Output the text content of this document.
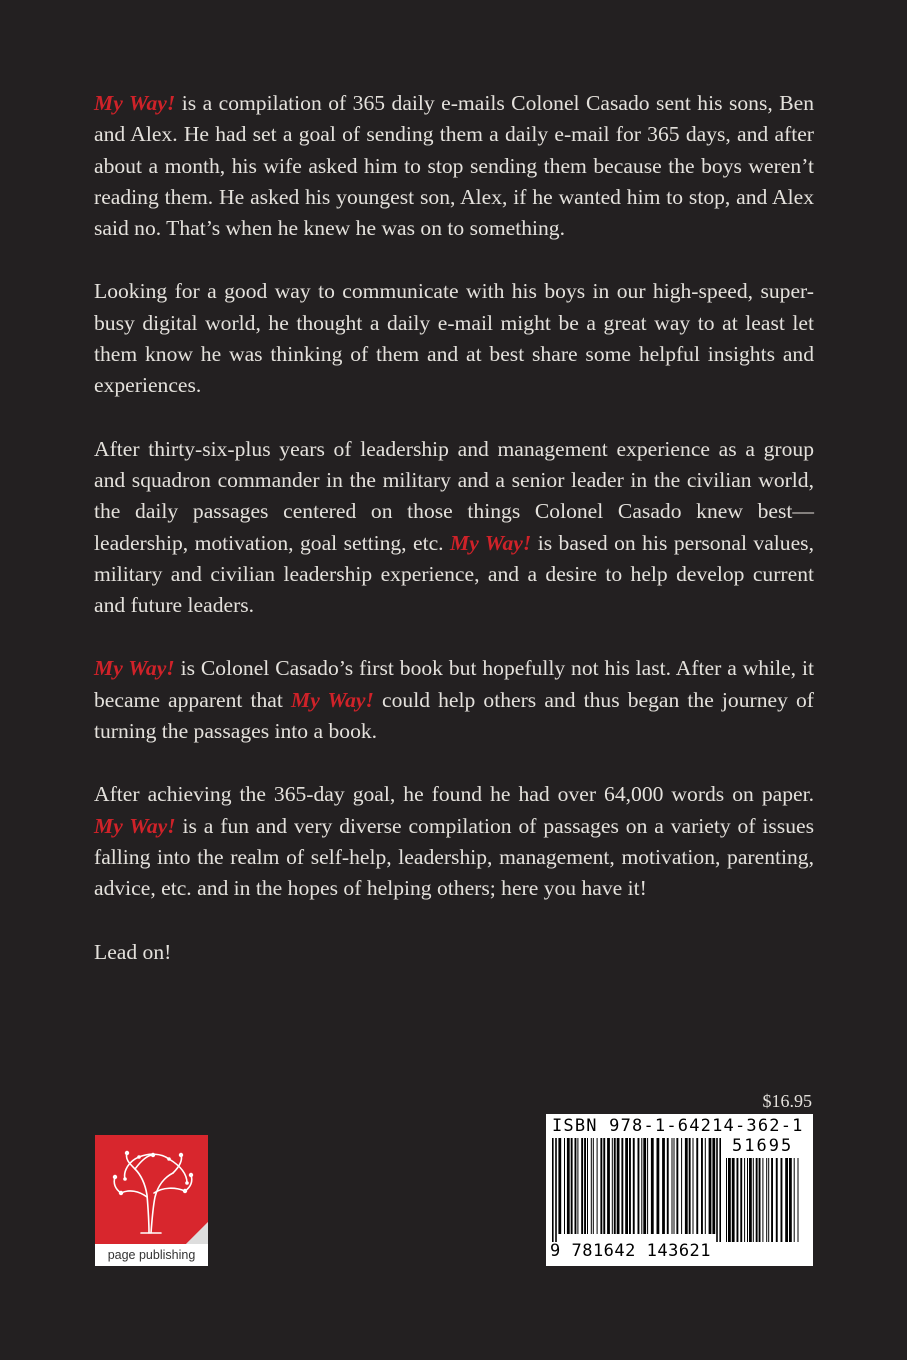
My Way! is a compilation of 365 daily e-mails Colonel Casado sent his sons, Ben and Alex. He had set a goal of sending them a daily e-mail for 365 days, and after about a month, his wife asked him to stop sending them because the boys weren’t reading them. He asked his youngest son, Alex, if he wanted him to stop, and Alex said no. That’s when he knew he was on to something.

Looking for a good way to communicate with his boys in our high-speed, super-busy digital world, he thought a daily e-mail might be a great way to at least let them know he was thinking of them and at best share some helpful insights and experiences.

After thirty-six-plus years of leadership and management experience as a group and squadron commander in the military and a senior leader in the civilian world, the daily passages centered on those things Colonel Casado knew best—leadership, motivation, goal setting, etc. My Way! is based on his personal values, military and civilian leadership experience, and a desire to help develop current and future leaders.

My Way! is Colonel Casado’s first book but hopefully not his last. After a while, it became apparent that My Way! could help others and thus began the journey of turning the passages into a book.

After achieving the 365-day goal, he found he had over 64,000 words on paper. My Way! is a fun and very diverse compilation of passages on a variety of issues falling into the realm of self-help, leadership, management, motivation, parenting, advice, etc. and in the hopes of helping others; here you have it!

Lead on!

$16.95
ISBN 978-1-64214-362-1
51695
9 781642 143621
page publishing
